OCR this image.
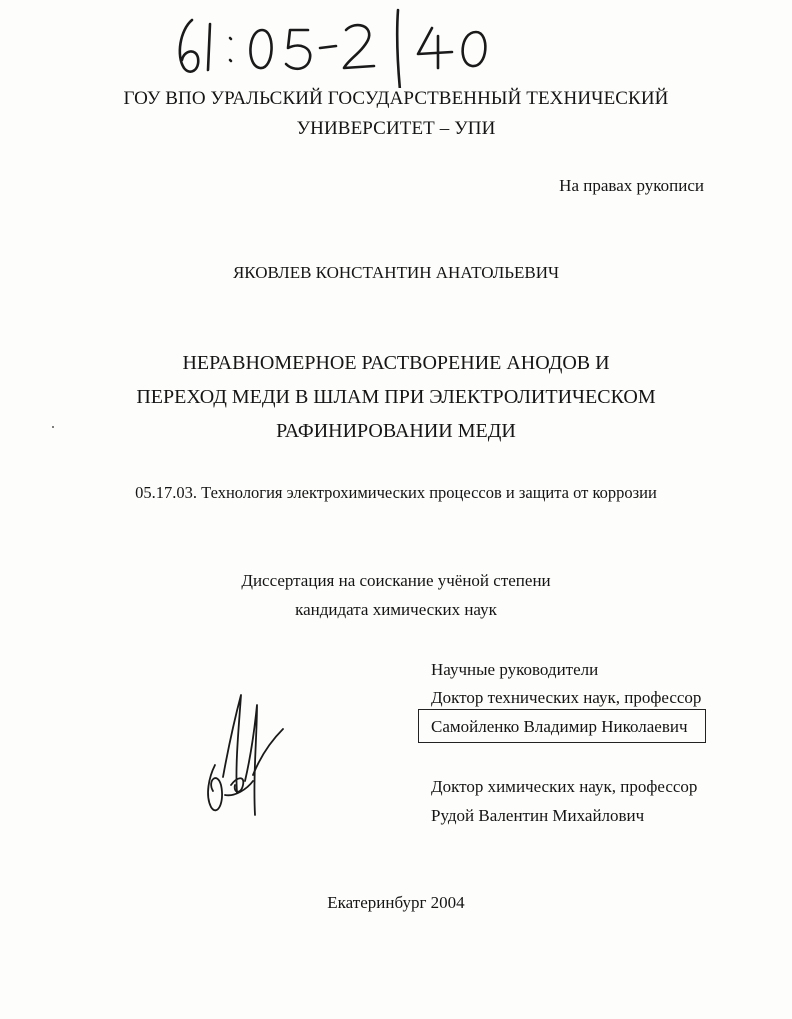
ГОУ ВПО УРАЛЬСКИЙ ГОСУДАРСТВЕННЫЙ ТЕХНИЧЕСКИЙ
УНИВЕРСИТЕТ – УПИ
На правах рукописи
ЯКОВЛЕВ КОНСТАНТИН АНАТОЛЬЕВИЧ
НЕРАВНОМЕРНОЕ РАСТВОРЕНИЕ АНОДОВ И
ПЕРЕХОД МЕДИ В ШЛАМ ПРИ ЭЛЕКТРОЛИТИЧЕСКОМ
РАФИНИРОВАНИИ МЕДИ
05.17.03. Технология электрохимических процессов и защита от коррозии
Диссертация на соискание учёной степени
кандидата химических наук
Научные руководители
Доктор технических наук, профессор
Самойленко Владимир Николаевич
Доктор химических наук, профессор
Рудой Валентин Михайлович
Екатеринбург 2004
